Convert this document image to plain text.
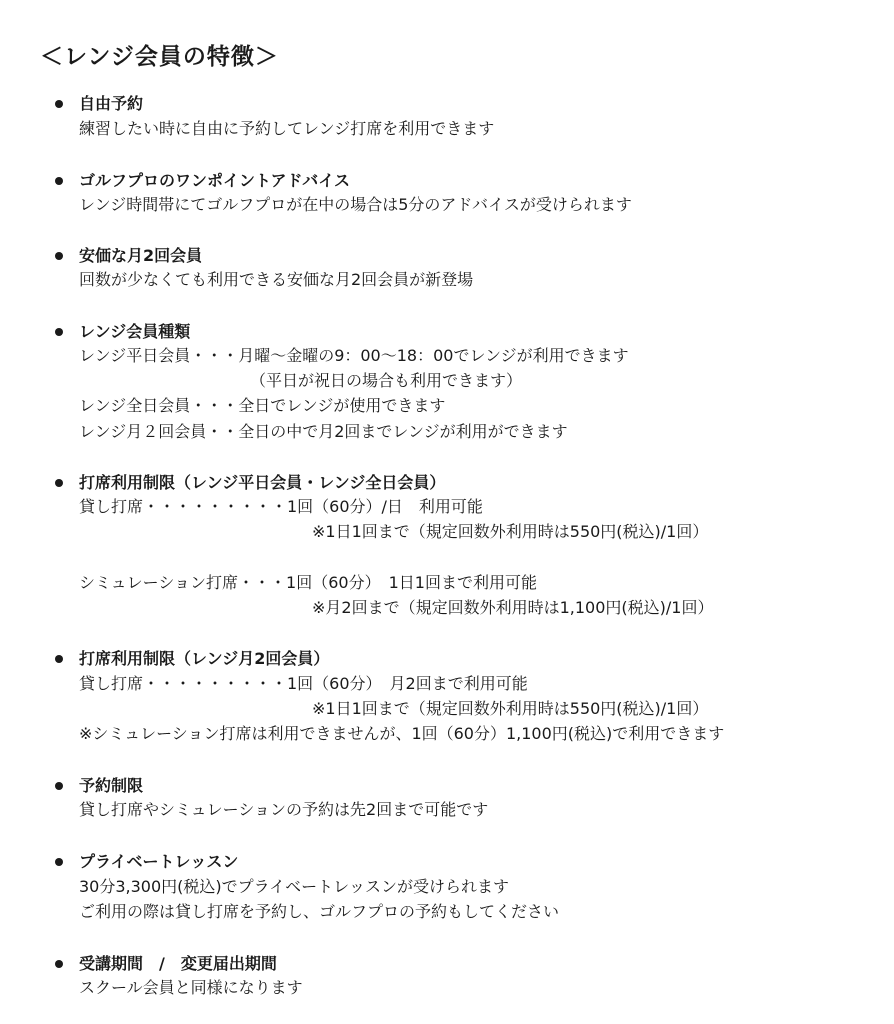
＜レンジ会員の特徴＞
自由予約
練習したい時に自由に予約してレンジ打席を利用できます
ゴルフプロのワンポイントアドバイス
レンジ時間帯にてゴルフプロが在中の場合は5分のアドバイスが受けられます
安価な月2回会員
回数が少なくても利用できる安価な月2回会員が新登場
レンジ会員種類
レンジ平日会員・・・月曜～金曜の9：00～18：00でレンジが利用できます
（平日が祝日の場合も利用できます）
レンジ全日会員・・・全日でレンジが使用できます
レンジ月２回会員・・全日の中で月2回までレンジが利用ができます
打席利用制限（レンジ平日会員・レンジ全日会員）
貸し打席・・・・・・・・・1回（60分）/日　利用可能
※1日1回まで（規定回数外利用時は550円(税込)/1回）
シミュレーション打席・・・1回（60分）　1日1回まで利用可能
※月2回まで（規定回数外利用時は1,100円(税込)/1回）
打席利用制限（レンジ月2回会員）
貸し打席・・・・・・・・・1回（60分）　月2回まで利用可能
※1日1回まで（規定回数外利用時は550円(税込)/1回）
※シミュレーション打席は利用できませんが、1回（60分）1,100円(税込)で利用できます
予約制限
貸し打席やシミュレーションの予約は先2回まで可能です
プライベートレッスン
30分3,300円(税込)でプライベートレッスンが受けられます
ご利用の際は貸し打席を予約し、ゴルフプロの予約もしてください
受講期間　/　変更届出期間
スクール会員と同様になります
